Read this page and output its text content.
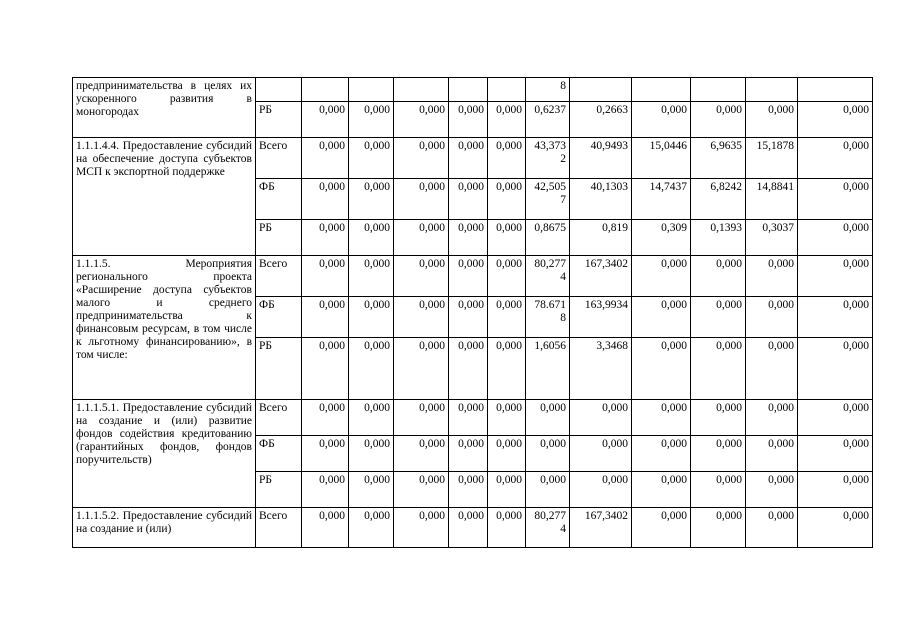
предпринимательства в целях их ускоренного развития в моногородах							8					
	РБ	0,000	0,000	0,000	0,000	0,000	0,6237	0,2663	0,000	0,000	0,000	0,000
1.1.1.4.4. Предоставление субсидий на обеспечение доступа субъектов МСП к экспортной поддержке	Всего	0,000	0,000	0,000	0,000	0,000	43,3732	40,9493	15,0446	6,9635	15,1878	0,000
	ФБ	0,000	0,000	0,000	0,000	0,000	42,5057	40,1303	14,7437	6,8242	14,8841	0,000
	РБ	0,000	0,000	0,000	0,000	0,000	0,8675	0,819	0,309	0,1393	0,3037	0,000
1.1.1.5. Мероприятия регионального проекта «Расширение доступа субъектов малого и среднего предпринимательства к финансовым ресурсам, в том числе к льготному финансированию», в том числе:	Всего	0,000	0,000	0,000	0,000	0,000	80,2774	167,3402	0,000	0,000	0,000	0,000
	ФБ	0,000	0,000	0,000	0,000	0,000	78.6718	163,9934	0,000	0,000	0,000	0,000
	РБ	0,000	0,000	0,000	0,000	0,000	1,6056	3,3468	0,000	0,000	0,000	0,000
1.1.1.5.1. Предоставление субсидий на создание и (или) развитие фондов содействия кредитованию (гарантийных фондов, фондов поручительств)	Всего	0,000	0,000	0,000	0,000	0,000	0,000	0,000	0,000	0,000	0,000	0,000
	ФБ	0,000	0,000	0,000	0,000	0,000	0,000	0,000	0,000	0,000	0,000	0,000
	РБ	0,000	0,000	0,000	0,000	0,000	0,000	0,000	0,000	0,000	0,000	0,000
1.1.1.5.2. Предоставление субсидий на создание и (или)	Всего	0,000	0,000	0,000	0,000	0,000	80,2774	167,3402	0,000	0,000	0,000	0,000
